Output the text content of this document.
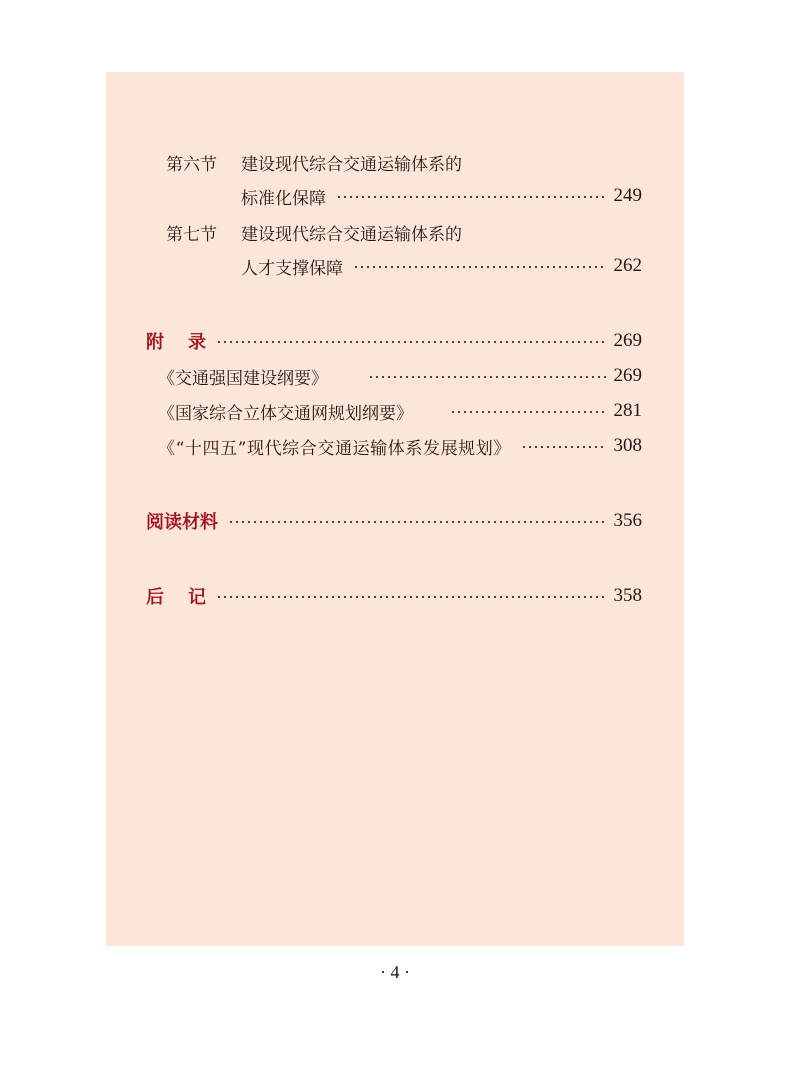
第六节	建设现代综合交通运输体系的
标准化保障	249
第七节	建设现代综合交通运输体系的
人才支撑保障	262
附 录	269
《交通强国建设纲要》	269
《国家综合立体交通网规划纲要》	281
《“十四五”现代综合交通运输体系发展规划》	308
阅读材料	356
后 记	358
· 4 ·
